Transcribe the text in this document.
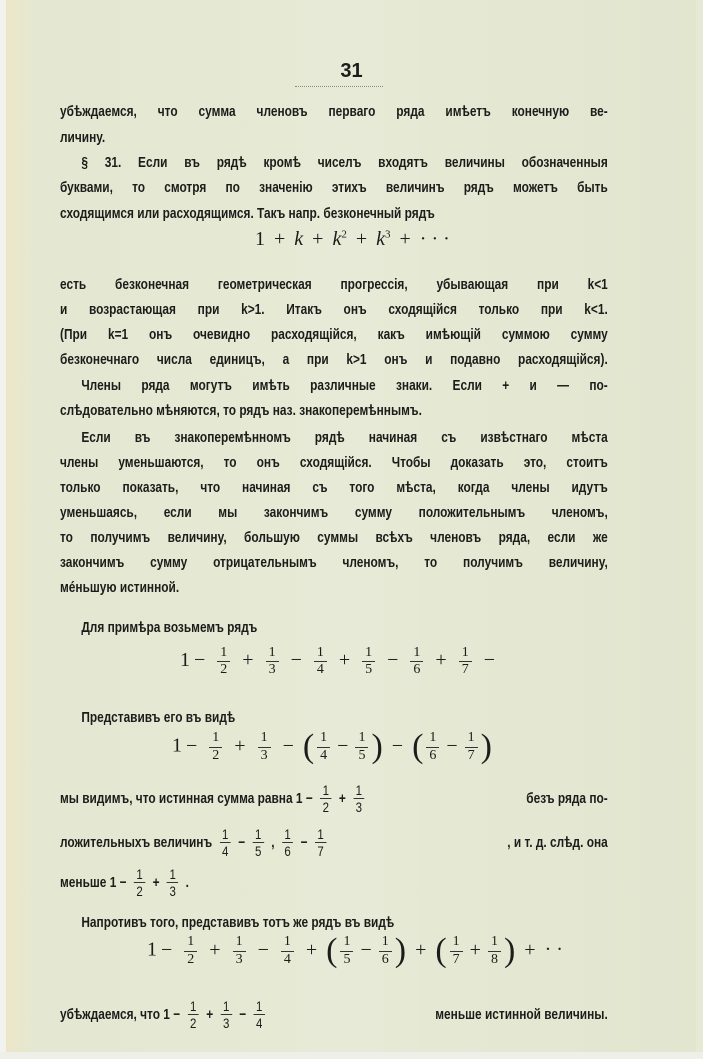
31
убѣждаемся, что сумма членовъ перваго ряда имѣетъ конечную ве-
личину.
§ 31. Если въ рядѣ кромѣ чиселъ входятъ величины обозначенныя
буквами, то смотря по значенію этихъ величинъ рядъ можетъ быть
сходящимся или расходящимся. Такъ напр. безконечный рядъ
есть безконечная геометрическая прогрессія, убывающая при k<1
и возрастающая при k>1. Итакъ онъ сходящійся только при k<1.
(При k=1 онъ очевидно расходящійся, какъ имѣющій суммою сумму
безконечнаго числа единицъ, а при k>1 онъ и подавно расходящійся).
Члены ряда могутъ имѣть различные знаки. Если + и — по-
слѣдовательно мѣняются, то рядъ наз. знакоперемѣннымъ.
Если въ знакоперемѣнномъ рядѣ начиная съ извѣстнаго мѣста
члены уменьшаются, то онъ сходящійся. Чтобы доказать это, стоитъ
только показать, что начиная съ того мѣста, когда члены идутъ
уменьшаясь, если мы закончимъ сумму положительнымъ членомъ,
то получимъ величину, большую суммы всѣхъ членовъ ряда, если же
закончимъ сумму отрицательнымъ членомъ, то получимъ величину,
мéньшую истинной.
Для примѣра возьмемъ рядъ
Представивъ его въ видѣ
Напротивъ того, представивъ тотъ же рядъ въ видѣ
$1 + k + k^2 + k^3$ + · · ·
$1 - \frac{1}{2} + \frac{1}{3} - \frac{1}{4} + \frac{1}{5} - \frac{1}{6} + \frac{1}{7}$ −
$1 - \frac{1}{2} + \frac{1}{3}$ − ( $\frac{1}{4} - \frac{1}{5}$ ) − ( $\frac{1}{6} - \frac{1}{7}$ )
мы видимъ, что истинная сумма равна $1 - \frac{1}{2} + \frac{1}{3}$	безъ ряда по-
ложительныхъ величинъ $\frac{1}{4} - \frac{1}{5}$ , $\frac{1}{6} - \frac{1}{7}$	, и т. д. слѣд. она
меньше $1 - \frac{1}{2} + \frac{1}{3}$ .
убѣждаемся, что $1 - \frac{1}{2} + \frac{1}{3} - \frac{1}{4}$	меньше истинной величины.
$1 - \frac{1}{2} + \frac{1}{3} - \frac{1}{4}$ + ( $\frac{1}{5} - \frac{1}{6}$ ) + ( $\frac{1}{7} + \frac{1}{8}$ ) + · ·
